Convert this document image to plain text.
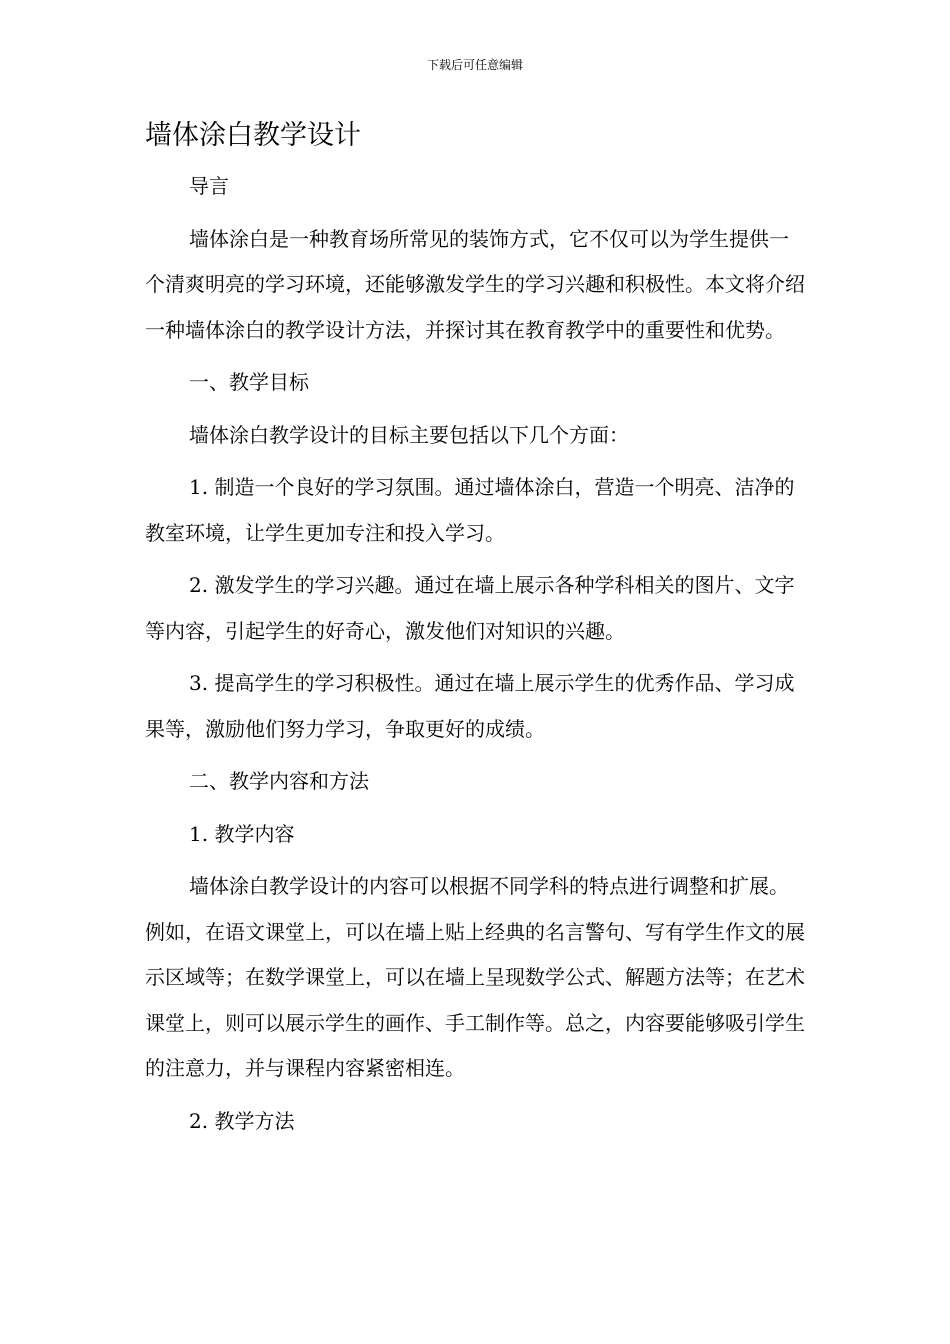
下载后可任意编辑
墙体涂白教学设计

导言

墙体涂白是一种教育场所常见的装饰方式，它不仅可以为学生提供一个清爽明亮的学习环境，还能够激发学生的学习兴趣和积极性。本文将介绍一种墙体涂白的教学设计方法，并探讨其在教育教学中的重要性和优势。

一、教学目标

墙体涂白教学设计的目标主要包括以下几个方面：

1. 制造一个良好的学习氛围。通过墙体涂白，营造一个明亮、洁净的教室环境，让学生更加专注和投入学习。

2. 激发学生的学习兴趣。通过在墙上展示各种学科相关的图片、文字等内容，引起学生的好奇心，激发他们对知识的兴趣。

3. 提高学生的学习积极性。通过在墙上展示学生的优秀作品、学习成果等，激励他们努力学习，争取更好的成绩。

二、教学内容和方法

1. 教学内容

墙体涂白教学设计的内容可以根据不同学科的特点进行调整和扩展。例如，在语文课堂上，可以在墙上贴上经典的名言警句、写有学生作文的展示区域等；在数学课堂上，可以在墙上呈现数学公式、解题方法等；在艺术课堂上，则可以展示学生的画作、手工制作等。总之，内容要能够吸引学生的注意力，并与课程内容紧密相连。

2. 教学方法
